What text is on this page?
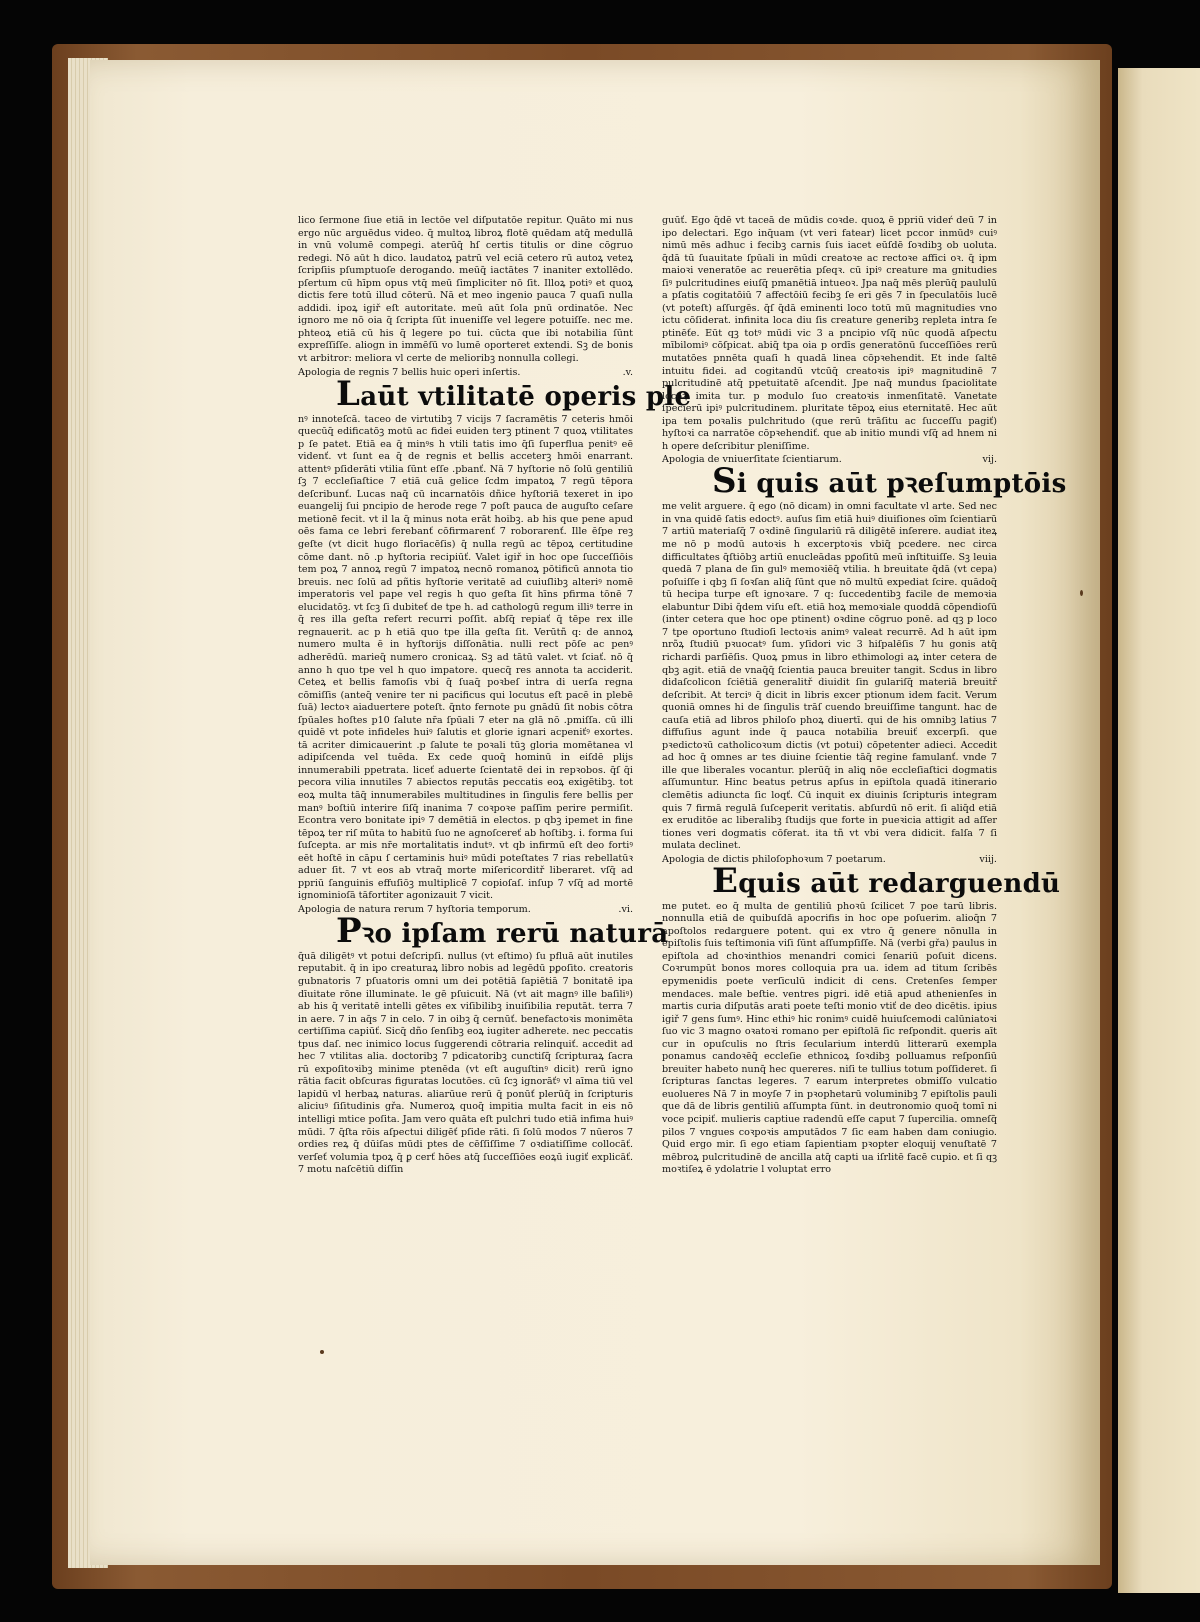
lico ſermone ſiue etiā in lectōe vel diſputatōe repitur. Quāto mi nus ergo nūc arguēdus video. q̄ multoꝝ libroꝝ flotē quēdam atq̄ medullā in vnū volumē compegi. aterūq̄ hſ certis titulis or dine cōgruo redegi. Nō aūt h dico. laudatoꝝ patrū vel eciā cetero rū autoꝝ veteꝝ ſcripſiis pſumptuoſe derogando. meūq̄ iactātes 7 inaniter extollēdo. pſertum cū hīpm opus vtq̄ meū ſimpliciter nō ſit. Illoꝝ potiꝰ et quoꝝ dictis fere totū illud cōterū. Nā et meo ingenio pauca 7 quaſi nulla addidi. ipoꝝ igiř eſt autoritate. meū aūt ſola pnū ordinatōe. Nec ignoro me nō oia q̄ ſcripta ſūt inueniſſe vel legere potuiſſe. nec me. phteoꝝ etiā cū his q̄ legere po tui. cūcta que ibi notabilia ſūnt expreſſiſſe. aliogn in immēſū vo lumē oporteret extendi. Sꝫ de bonis vt arbitror: meliora vl certe de melioribꝫ nonnulla collegi.

Apologia de regnis 7 bellis huic operi inſertis.	.v.
Laūt vtilitatē operis ple

nꝰ innoteſcā. taceo de virtutibꝫ 7 vicijs 7 ſacramētis 7 ceteris hmōi quecūq̄ edificatōꝫ motū ac fidei euiden terꝫ ptinent 7 quoꝝ vtilitates p ſe patet. Etiā ea q̄ minꝰs h vtili tatis imo q̄ſi ſuperflua penitꝰ eē videnť. vt ſunt ea q̄ de regnis et bellis acceterꝫ hmōi enarrant. attentꝰ pſiderāti vtilia ſūnt eſſe .pbanť. Nā 7 hyſtorie nō ſolū gentiliū ſꝫ 7 eccleſiaſtice 7 etiā cuā gelice ſcdm impatoꝝ 7 regū tēpora deſcribunť. Lucas naq̄ cū incarnatōis dñice hyſtoriā texeret in ipo euangelij ſui pncipio de herode rege 7 poſt pauca de auguſto ceſare metionē fecit. vt il la q̄ minus nota erāt hoibꝫ. ab his que pene apud oēs fama ce lebri ferebanť cōfirmarenť 7 roborarenť. Ille ēſpe reꝫ geſte (vt dicit hugo florīacēſis) q̄ nulla regū ac tēpoꝝ certitudine cōme dant. nō .p hyſtoria recipiūť. Valet igiř in hoc ope ſucceſſiōis tem poꝝ 7 annoꝝ regū 7 impatoꝝ necnō romanoꝝ pōtificū annota tio breuis. nec ſolū ad pñtis hyſtorie veritatē ad cuiuſlibꝫ alteriꝰ nomē imperatoris vel pape vel regis h quo geſta ſit hīns pfirma tōnē 7 elucidatōꝫ. vt ſcꝫ ſi dubiteť de tpe h. ad cathologū regum illiꝰ terre in q̄ res illa geſta refert recurri poſſit. abſq̄ repiať q̄ tēpe rex ille regnauerit. ac p h etiā quo tpe illa geſta ſit. Verūtñ q: de annoꝝ numero multa ē in hyſtorijs diſſonātia. nulli rect pōſe ac penꝰ adherēdū. marieq̄ numero cronicaꝝ. Sꝫ ad tātū valet. vt ſciať. nō q̄ anno h quo tpe vel h quo impatore. quecq̄ res annota ta acciderit. Ceteꝝ et bellis famoſis vbi q̄ ſuaq̄ poꝛbeſ intra di uerſa regna cōmiſſis (anteq̄ venire ter ni pacificus qui locutus eſt pacē in plebē ſuā) lectoꝛ aiaduertere poteſt. q̄nto fernote pu gnādū ſit nobis cōtra ſpūales hoſtes p10 ſalute nr̄a ſpūali 7 eter na glā nō .pmiſſa. cū illi quidē vt pote infideles huiꝰ ſalutis et glorie ignari acpeniťꝰ exortes. tā acriter dimicauerint .p ſalute te poꝛali tūꝫ gloria momētanea vl adipiſcenda vel tuēda. Ex cede quoq̄ hominū in eiſdē plijs innumerabili ppetrata. liceť aduerte ſcientatē dei in repꝛobos. q̄ſ q̄i pecora vilia innutiles 7 abiectos reputās peccatis eoꝝ exigētibꝫ. tot eoꝝ multa tāq̄ innumerabiles multitudines in ſingulis fere bellis per manꝰ boſtiū interire ſiſq̄ inanima 7 coꝛpoꝛe paſſim perire permiſit. Econtra vero bonitate ipiꝰ 7 demētiā in electos. p qbꝫ ipemet in fine tēpoꝝ ter riſ mūta to habitū ſuo ne agnoſcereť ab hoſtibꝫ. i. forma ſui ſuſcepta. ar mis nr̄e mortalitatis indutꝰ. vt qb infirmū eſt deo fortiꝰ eēt hoſtē in cāpu ſ certaminis huiꝰ mūdi poteſtates 7 rias rebellatūꝛ aduer ſit. 7 vt eos ab vtraq̄ morte miſericorditř liberaret. vſq̄ ad ppriū ſanguinis effuſiōꝫ multiplicē 7 copioſaſ. inſup 7 vſq̄ ad mortē ignominioſā tāfortiter agonizauit 7 vicit.

Apologia de natura rerum 7 hyſtoria temporum.	.vi.
Pꝛo ipſam rerū naturā

q̄uā diligētꝰ vt potui deſcripſi. nullus (vt eſtimo) ſu pfluā aūt inutiles reputabit. q̄ in ipo creaturaꝝ libro nobis ad legēdū pꝑoſito. creatoris gubnatoris 7 pſuatoris omni um dei potētiā ſapiētiā 7 bonitatē ipa dīuitate rōne illuminate. le gē pſuicuit. Nā (vt ait magnꝰ ille baſiliꝰ) ab his q̄ veritatē intelli gētes ex viſibilibꝫ inuiſibilia reputāt. terra 7 in aere. 7 in aq̄s 7 in celo. 7 in oibꝫ q̄ cernūť. benefactoꝛis monimēta certiſſima capiūť. Sicq̄ dño ſenſibꝫ eoꝝ iugiter adherete. nec peccatis tpus daſ. nec inimico locus ſuggerendi cōtraria relinquiť. accedit ad hec 7 vtilitas alia. doctoribꝫ 7 pdicatoribꝫ cunctiſq̄ ſcripturaꝝ ſacra rū expoſitoꝛibꝫ minime ptenēda (vt eſt auguſtinꝰ dicit) rerū igno rātia facit obſcuras figuratas locutōes. cū ſcꝫ ignorāťꝰ vl aīma tiū vel lapidū vl herbaꝝ naturas. aliarūue rerū q̄ ponūť plerūq̄ in ſcripturis aliciuꝰ ſiſitudinis gřa. Numeroꝝ quoq̄ impitia multa facit in eis nō intelligi mtice poſita. Jam vero quāta eſt pulchri tudo etiā infima huiꝰ mūdi. 7 q̄ſta rōis aſpectui diligēť pſide rāti. ſi ſolū modos 7 nūeros 7 ordies reꝝ q̄ dūiſas mūdi ptes de cēſſiſſime 7 oꝛdiatiſſime collocāť. verſeť volumia tpoꝝ q̄ ꝑ cerť hōes atq̄ ſucceſſiōes eoꝝū iugiť explicāť. 7 motu naſcētiū diſſin

guūť. Ego q̄dē vt taceā de mūdis coꝛde. quoꝝ ē ppriū videŕ deū 7 in ipo delectari. Ego inq̄uam (vt veri fatear) licet pccor inmūdꝰ cuiꝰ nimū mēs adhuc i fecibꝫ carnis ſuis iacet eūſdē ſoꝛdibꝫ ob uoluta. q̄dā tū ſuauitate ſpūali in mūdi creatoꝛe ac rectoꝛe affici oꝛ. q̄ ipm maioꝛi veneratōe ac reuerētia pſeqꝛ. cū ipiꝰ creature ma gnitudies ſiꝰ pulcritudines eiuſq̄ pmanētiā intueoꝛ. Jpa naq̄ mēs plerūq̄ paululū a pſatis cogitatōiū 7 affectōiū fecibꝫ ſe eri gēs 7 in ſpeculatōis lucē (vt poteſt) aſſurgēs. q̄ſ q̄dā eminenti loco totū mū magnitudies vno ictu cōſiderat. infinita loca diu ſis creature generibꝫ repleta intra ſe ptinēťe. Eūt qꝫ totꝰ mūdi vic 3 a pncipio vſq̄ nūc quodā aſpectu mībilomiꝰ cōſpicat. abiq̄ tpa oia p ordīs generatōnū ſucceſſiōes rerū mutatōes pnnēta quaſi h quadā linea cōpꝛehendit. Et inde ſaltē intuitu fidei. ad cogitandū vtcūq̄ creatoꝛis ipiꝰ magnitudinē 7 pulcritudinē atq̄ ppetuitatē aſcendit. Jpe naq̄ mundus ſpaciolitate locoꝝ imita tur. p modulo ſuo creatoꝛis inmenſitatē. Vanetate ſpecierū ipiꝰ pulcritudinem. pluritate tēpoꝝ eius eternitatē. Hec aūt ipa tem poꝛalis pulchritudo (que rerū trāſitu ac ſucceſſu pagiť) hyſtoꝛi ca narratōe cōpꝛehendiť. que ab initio mundi vſq̄ ad hnem ni h opere deſcribitur pleniſſime.

Apologia de vniuerſitate ſcientiarum.	vij.
Si quis aūt pꝛeſumptōis

me velit arguere. q̄ ego (nō dicam) in omni facultate vl arte. Sed nec in vna quidē ſatis edoctꝰ. auſus ſim etiā huiꝰ diuiſiones oīm ſcientiarū 7 artiū materiaſq̄ 7 oꝛdinē ſingulariū rā diligētē inſerere. audiat iteꝝ me nō p modū autoꝛis h excerptoꝛis vbiq̄ pcedere. nec circa difficultates q̄ſtiōbꝫ artiū enucleādas pꝑoſitū meū inſtituiſſe. Sꝫ leuia quedā 7 plana de ſin gulꝰ memoꝛiēq̄ vtilia. h breuitate q̄dā (vt cepa) poſuiſſe i qbꝫ ſī ſoꝛſan aliq̄ ſūnt que nō multū expediat ſcire. quādoq̄ tū hecipa turpe eſt ignoꝛare. 7 q: ſuccedentibꝫ facile de memoꝛia elabuntur Dibi q̄dem viſu eſt. etiā hoꝝ memoꝛiale quoddā cōpendioſū (inter cetera que hoc ope ptinent) oꝛdine cōgruo ponē. ad qꝫ p loco 7 tpe oportuno ſtudioſi lectoꝛis animꝰ valeat recurrē. Ad h aūt ipm nrõꝝ ſtudiū pꝛuocatꝰ ſum. yſidori vic 3 hiſpalēſis 7 hu gonis atq̄ richardi parſiēſis. Quoꝝ pmus in libro ethimologi aꝝ inter cetera de qbꝫ agit. etiā de vnaq̄q̄ ſcientia pauca breuiter tangit. Scdus in libro didaſcolicon ſciētiā generalitř diuidit ſin gulariſq̄ materiā breuitř deſcribit. At terciꝰ q̄ dicit in libris excer ptionum idem facit. Verum quoniā omnes hi de ſingulis trāſ cuendo breuiſſime tangunt. hac de cauſa etiā ad libros philoſo phoꝝ diuertī. qui de his omnibꝫ latius 7 diffuſius agunt inde q̄ pauca notabilia breuiť excerpſi. que pꝛedictoꝛū catholicoꝛum dictis (vt potui) cōpetenter adieci. Accedit ad hoc q̄ omnes ar tes diuine ſcientie tāq̄ regine famulanť. vnde 7 ille que liberales vocantur. plerūq̄ in aliꝗ nōe eccleſiaſtici dogmatis aſſumuntur. Hinc beatus petrus apſus in epiſtola quadā itinerario clemētis adiuncta ſic loqť. Cū inquit ex diuinis ſcripturis integram quis 7 firmā regulā ſuſceperit veritatis. abſurdū nō erit. ſi aliq̄d etiā ex eruditōe ac liberalibꝫ ſtudijs que forte in pueꝛicia attigit ad aſſer tiones veri dogmatis cōferat. ita tñ vt vbi vera didicit. falſa 7 ſi mulata declinet.

Apologia de dictis philoſophoꝛum 7 poetarum.	viij.
Equis aūt redarguendū

me putet. eo q̄ multa de gentiliū phoꝛū ſcilicet 7 poe tarū libris. nonnulla etiā de quibuſdā apocrifis in hoc ope poſuerim. alioq̄n 7 apoſtolos redarguere potent. qui ex vtro q̄ genere nōnulla in epiſtolis ſuis teſtimonia viſi ſūnt aſſumpſiſſe. Nā (verbi gřa) paulus in epiſtola ad choꝛinthios menandri comici ſenariū poſuit dicens. Coꝛrumpūt bonos mores colloquia pra ua. idem ad titum ſcribēs epymenidis poete verſiculū indicit di cens. Cretenſes ſemper mendaces. male beſtie. ventres pigri. idē etiā apud athenienſes in martis curia diſputās arati poete teſti monio vtiť de deo dicētis. ipius igiř 7 gens ſumꝰ. Hinc ethiꝰ hic ronimꝰ cuidē huiuſcemodi calūniatoꝛi ſuo vic 3 magno oꝛatoꝛi romano per epiſtolā ſic reſpondit. queris aīt cur in opuſculis no ſtris ſecularium interdū litterarū exempla ponamus candoꝛēq̄ eccleſie ethnicoꝝ ſoꝛdibꝫ polluamus reſponſiū breuiter habeto nunq̄ hec quereres. niſi te tullius totum poſſideret. ſi ſcripturas ſanctas legeres. 7 earum interpretes obmiſſo vulcatio euolueres Nā 7 in moyſe 7 in pꝛophetarū voluminibꝫ 7 epiſtolis pauli que dā de libris gentiliū aſſumpta ſūnt. in deutronomio quoq̄ tomī ni voce pcipiť. mulieris captiue radendū eſſe caput 7 ſupercilia. omneſq̄ pilos 7 vngues coꝛpoꝛis amputādos 7 ſic eam haben dam coniugio. Quid ergo mir. ſi ego etiam ſapientiam pꝛopter eloquij venuſtatē 7 mēbroꝝ pulcritudinē de ancilla atq̄ capti ua iſrlitē facē cupio. et ſi qꝫ moꝛtiſeꝝ ē ydolatrie l voluptat erro
